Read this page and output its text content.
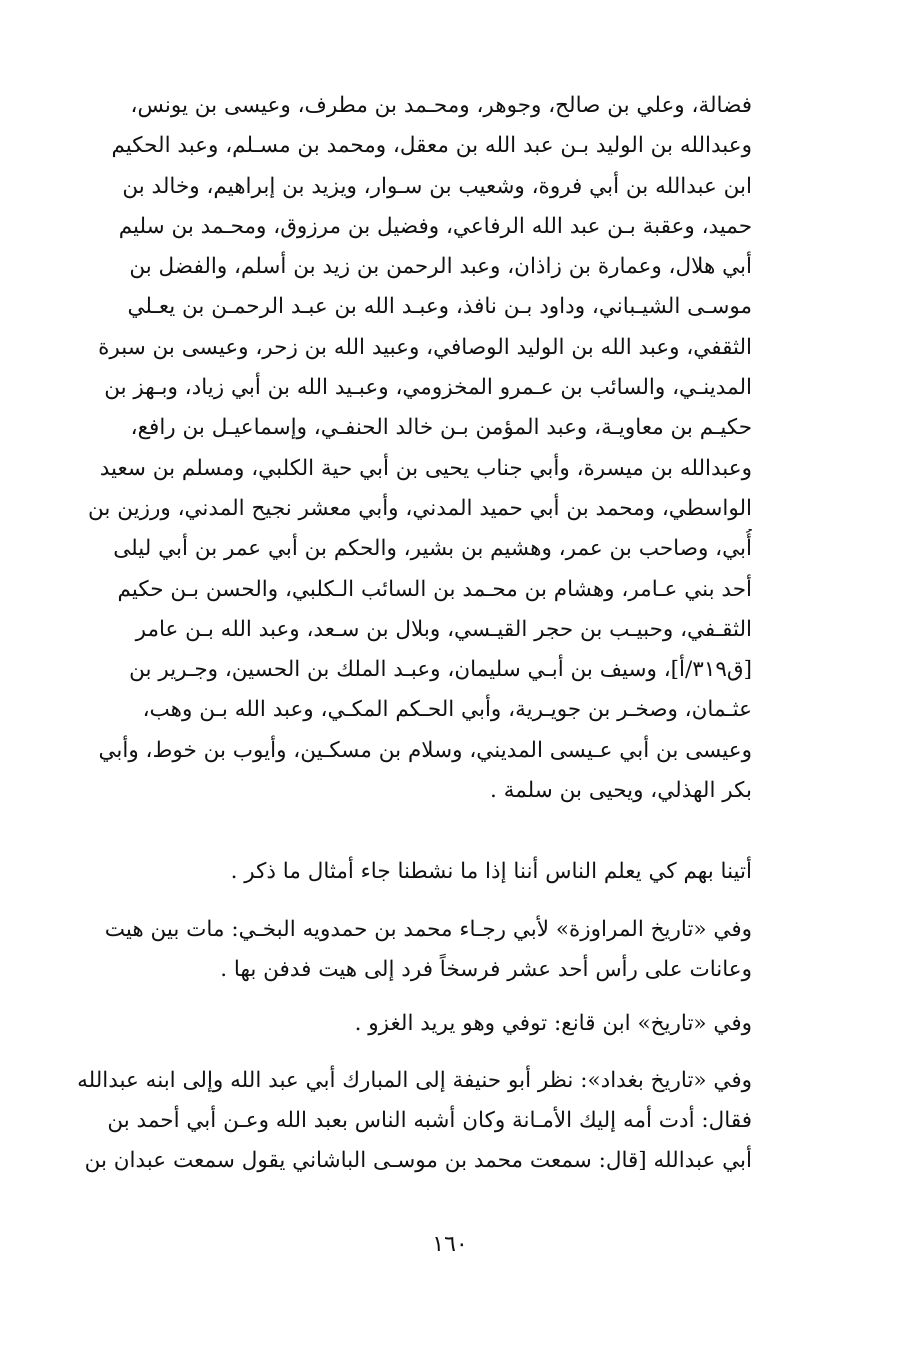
فضالة، وعلي بن صالح، وجوهر، ومحـمد بن مطرف، وعيسى بن يونس،
وعبدالله بن الوليد بـن عبد الله بن معقل، ومحمد بن مسـلم، وعبد الحكيم
ابن عبدالله بن أبي فروة، وشعيب بن سـوار، ويزيد بن إبراهيم، وخالد بن
حميد، وعقبة بـن عبد الله الرفاعي، وفضيل بن مرزوق، ومحـمد بن سليم
أبي هلال، وعمارة بن زاذان، وعبد الرحمن بن زيد بن أسلم، والفضل بن
موسـى الشيـباني، وداود بـن نافذ، وعبـد الله بن عبـد الرحمـن بن يعـلي
الثقفي، وعبد الله بن الوليد الوصافي، وعبيد الله بن زحر، وعيسى بن سبرة
المدينـي، والسائب بن عـمرو المخزومي، وعبـيد الله بن أبي زياد، وبـهز بن
حكيـم بن معاويـة، وعبد المؤمن بـن خالد الحنفـي، وإسماعيـل بن رافع،
وعبدالله بن ميسرة، وأبي جناب يحيى بن أبي حية الكلبي، ومسلم بن سعيد
الواسطي، ومحمد بن أبي حميد المدني، وأبي معشر نجيح المدني، ورزين بن
أُبي، وصاحب بن عمر، وهشيم بن بشير، والحكم بن أبي عمر بن أبي ليلى
أحد بني عـامر، وهشام بن محـمد بن السائب الـكلبي، والحسن بـن حكيم
الثقـفي، وحبيـب بن حجر القيـسي، وبلال بن سـعد، وعبد الله بـن عامر
[ق٣١٩/أ]، وسيف بن أبـي سليمان، وعبـد الملك بن الحسين، وجـرير بن
عثـمان، وصخـر بن جويـرية، وأبي الحـكم المكـي، وعبد الله بـن وهب،
وعيسى بن أبي عـيسى المديني، وسلام بن مسكـين، وأيوب بن خوط، وأبي
بكر الهذلي، ويحيى بن سلمة .
أتينا بهم كي يعلم الناس أننا إذا ما نشطنا جاء أمثال ما ذكر .
وفي «تاريخ المراوزة» لأبي رجـاء محمد بن حمدويه البخـي: مات بين هيت
وعانات على رأس أحد عشر فرسخاً فرد إلى هيت فدفن بها .
وفي «تاريخ» ابن قانع: توفي وهو يريد الغزو .
وفي «تاريخ بغداد»: نظر أبو حنيفة إلى المبارك أبي عبد الله وإلى ابنه عبدالله
فقال: أدت أمه إليك الأمـانة وكان أشبه الناس بعبد الله وعـن أبي أحمد بن
أبي عبدالله [قال: سمعت محمد بن موسـى الباشاني يقول سمعت عبدان بن
١٦٠
